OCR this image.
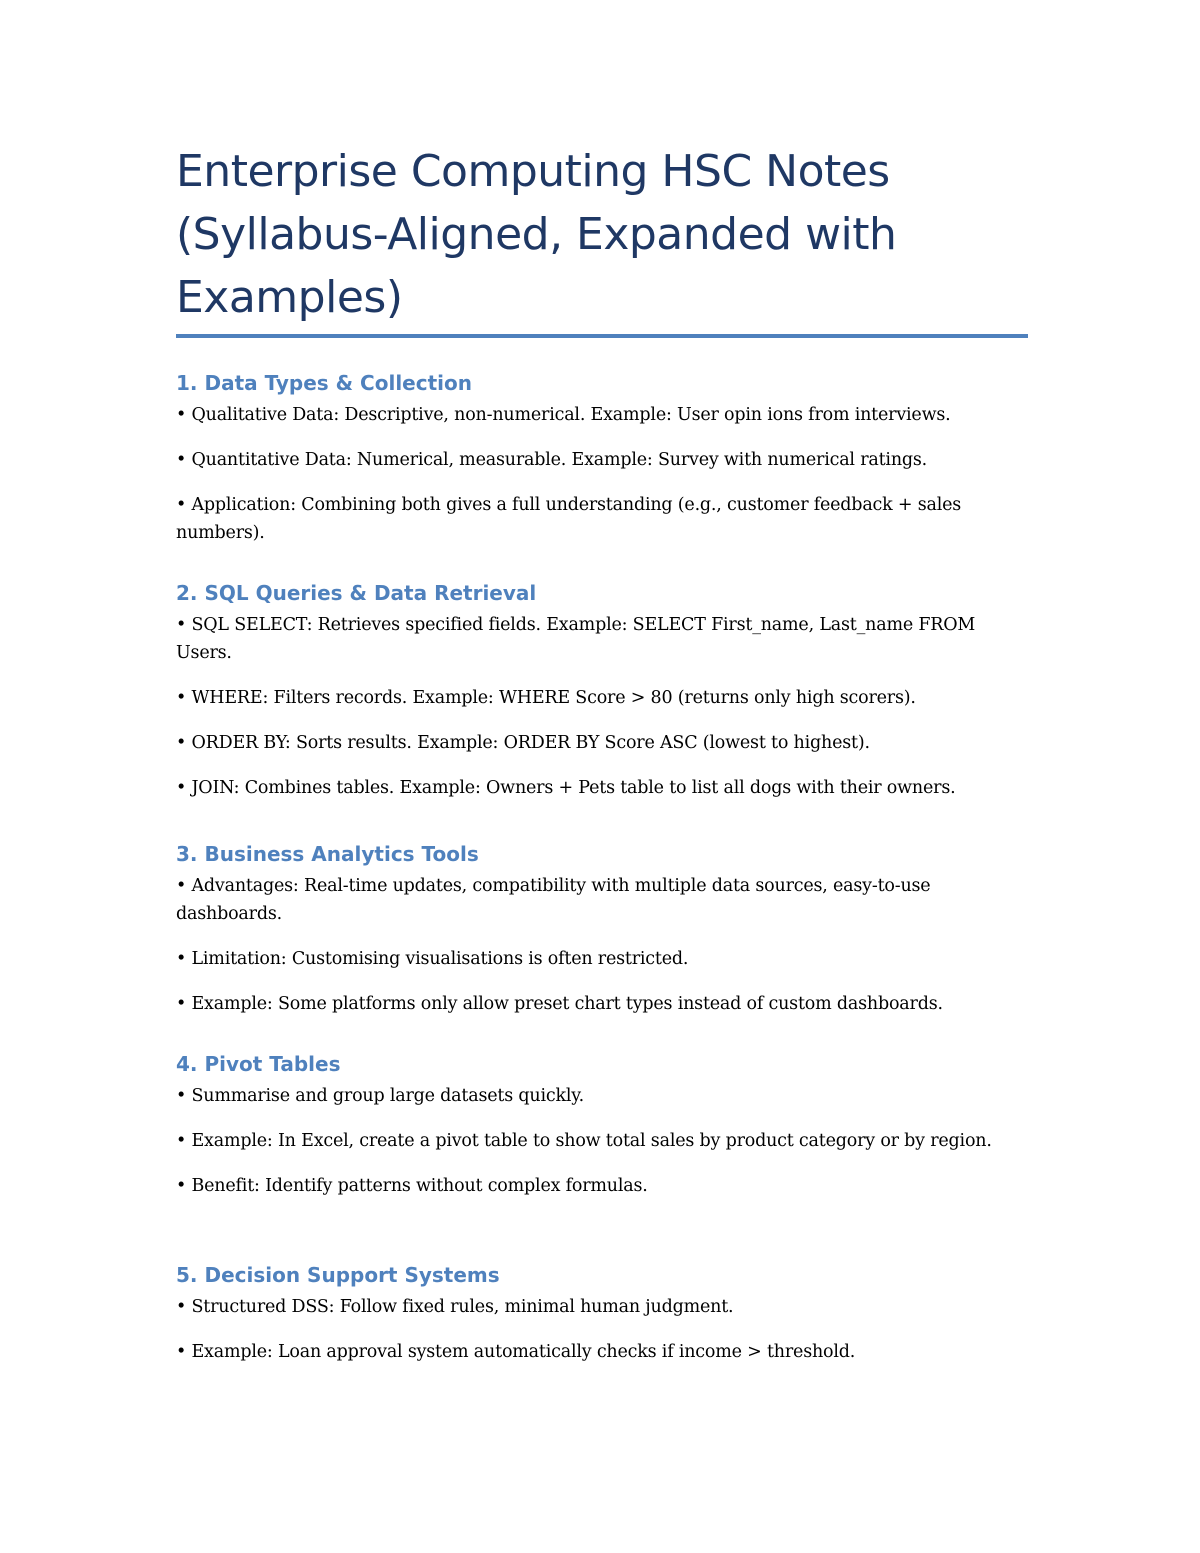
Enterprise Computing HSC Notes
(Syllabus-Aligned, Expanded with
Examples)
1. Data Types & Collection
• Qualitative Data: Descriptive, non-numerical. Example: User opin ions from interviews.
• Quantitative Data: Numerical, measurable. Example: Survey with numerical ratings.
• Application: Combining both gives a full understanding (e.g., customer feedback + sales numbers).
2. SQL Queries & Data Retrieval
• SQL SELECT: Retrieves specified fields. Example: SELECT First_name, Last_name FROM Users.
• WHERE: Filters records. Example: WHERE Score > 80 (returns only high scorers).
• ORDER BY: Sorts results. Example: ORDER BY Score ASC (lowest to highest).
• JOIN: Combines tables. Example: Owners + Pets table to list all dogs with their owners.
3. Business Analytics Tools
• Advantages: Real-time updates, compatibility with multiple data sources, easy-to-use dashboards.
• Limitation: Customising visualisations is often restricted.
• Example: Some platforms only allow preset chart types instead of custom dashboards.
4. Pivot Tables
• Summarise and group large datasets quickly.
• Example: In Excel, create a pivot table to show total sales by product category or by region.
• Benefit: Identify patterns without complex formulas.
5. Decision Support Systems
• Structured DSS: Follow fixed rules, minimal human judgment.
• Example: Loan approval system automatically checks if income > threshold.
